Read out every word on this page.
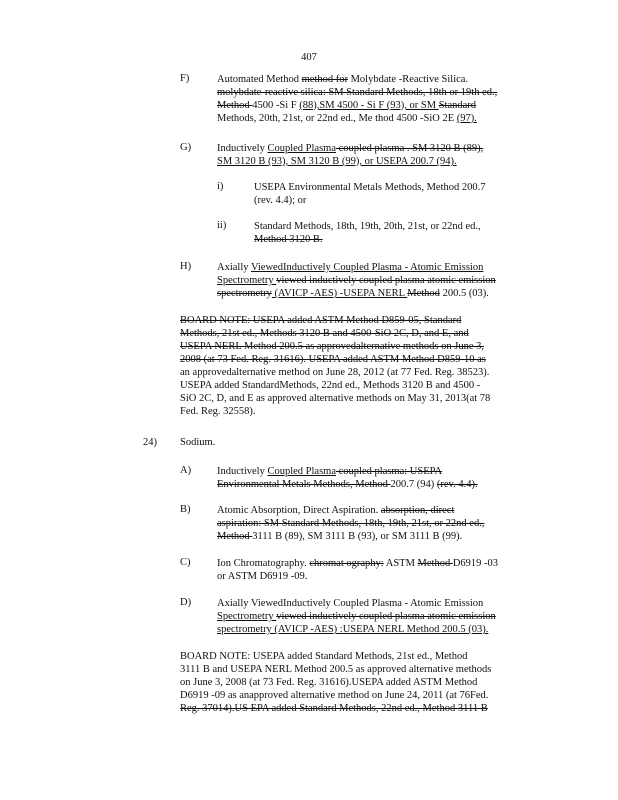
407
F)	Automated Method method for Molybdate -Reactive Silica.

molybdate-reactive silica: SM Standard Methods, 18th or 19th ed.,

Method 4500 -Si F (88),SM 4500 - Si F (93), or SM Standard

Methods, 20th, 21st, or 22nd ed., Me thod 4500 -SiO 2E (97).

G) Inductively Coupled Plasma coupled plasma . SM 3120 B (89),

SM 3120 B (93), SM 3120 B (99), or USEPA 200.7 (94).

i)	USEPA Environmental Metals Methods, Method 200.7

(rev. 4.4); or

ii)	Standard Methods, 18th, 19th, 20th, 21st, or 22nd ed.,

Method 3120 B.

H) Axially ViewedInductively Coupled Plasma - Atomic Emission

Spectrometry viewed inductively coupled plasma atomic emission

spectrometry (AVICP -AES) -USEPA NERL Method 200.5 (03).

BOARD NOTE: USEPA added ASTM Method D859-05, Standard

Methods, 21st ed., Methods 3120 B and 4500-SiO 2C, D, and E, and

USEPA NERL Method 200.5 as approvedalternative methods on June 3,

2008 (at 73 Fed. Reg. 31616). USEPA added ASTM Method D859-10 as

an approvedalternative method on June 28, 2012 (at 77 Fed. Reg. 38523).

USEPA added StandardMethods, 22nd ed., Methods 3120 B and 4500 -

SiO 2C, D, and E as approved alternative methods on May 31, 2013(at 78

Fed. Reg. 32558).

24) Sodium.
A) Inductively Coupled Plasma coupled plasma: USEPA

Environmental Metals Methods, Method 200.7 (94) (rev. 4.4).

B)	Atomic Absorption, Direct Aspiration. absorption, direct

aspiration: SM Standard Methods, 18th, 19th, 21st, or 22nd ed.,

Method 3111 B (89), SM 3111 B (93), or SM 3111 B (99).

C)	Ion Chromatography. chromat ography: ASTM Method D6919 -03

or ASTM D6919 -09.

D) Axially ViewedInductively Coupled Plasma - Atomic Emission

Spectrometry viewed inductively coupled plasma atomic emission

spectrometry (AVICP -AES) :USEPA NERL Method 200.5 (03).

BOARD NOTE: USEPA added Standard Methods, 21st ed., Method

3111 B and USEPA NERL Method 200.5 as approved alternative methods

on June 3, 2008 (at 73 Fed. Reg. 31616).USEPA added ASTM Method

D6919 -09 as anapproved alternative method on June 24, 2011 (at 76Fed.

Reg. 37014).US EPA added Standard Methods, 22nd ed., Method 3111 B
